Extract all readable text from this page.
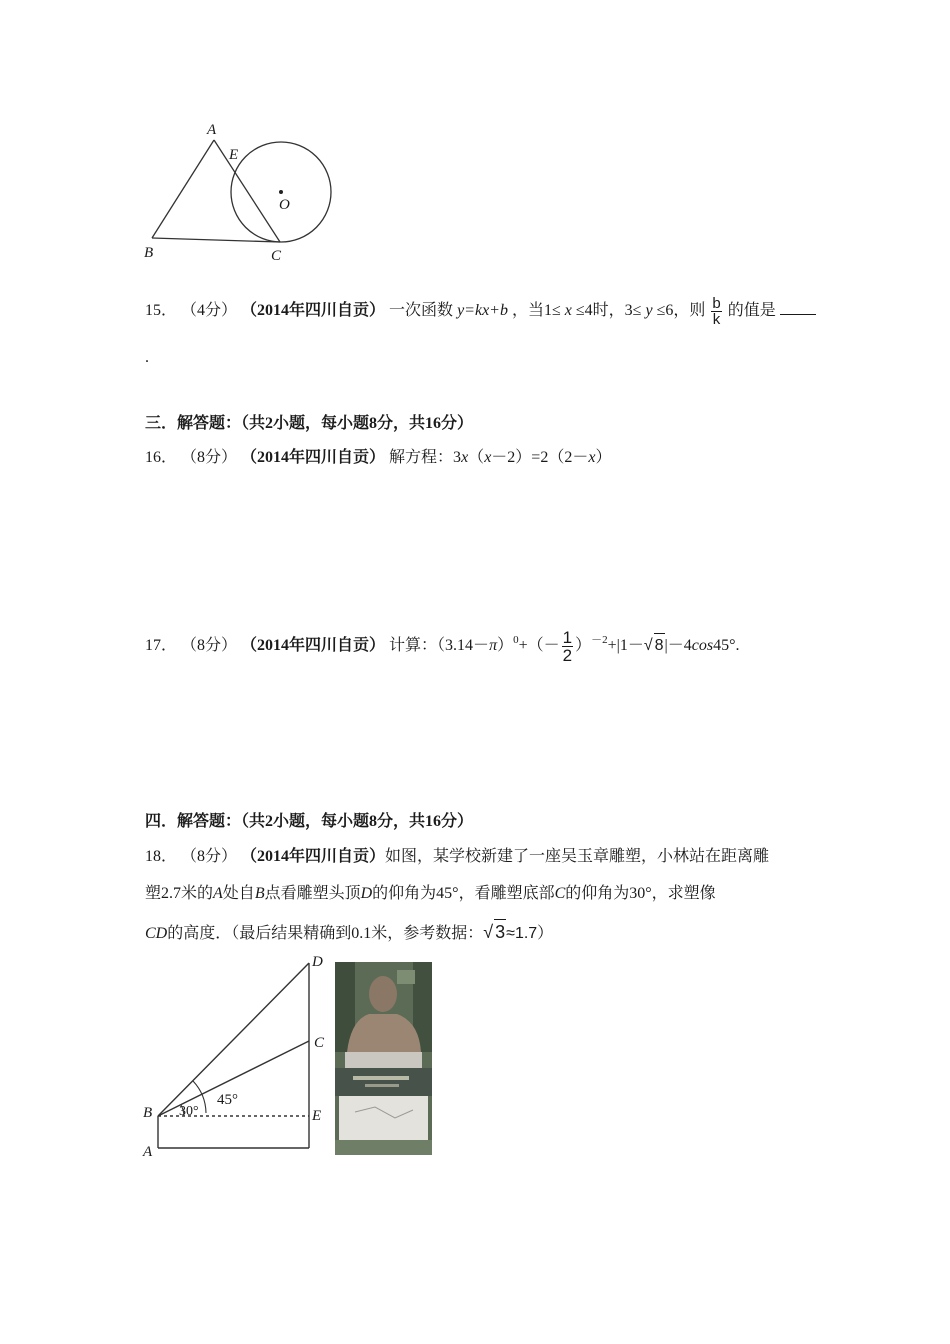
A
E
O
B	C
15． （4分） （2014年四川自贡） 一次函数 y=kx+b ，当1≤ x ≤4时，3≤ y ≤6，则 $\frac{b}{k}$ 的值是
.
三．解答题：（共2小题，每小题8分，共16分）
16． （8分） （2014年四川自贡） 解方程：3x（x－2）=2（2－x）
17． （8分） （2014年四川自贡） 计算：$(3.14-\pi)^0+(- \frac{1}{2} )^{-2}+|1-√$ 8|－4cos45°.
四．解答题：（共2小题，每小题8分，共16分）
18． （8分） （2014年四川自贡）如图，某学校新建了一座吴玉章雕塑，小林站在距离雕
塑2.7米的A处自B点看雕塑头顶D的仰角为45°，看雕塑底部C的仰角为30°，求塑像
CD的高度．（最后结果精确到0.1米，参考数据：√ 3≈1.7）
D
C
B	E
A
45°
30°
